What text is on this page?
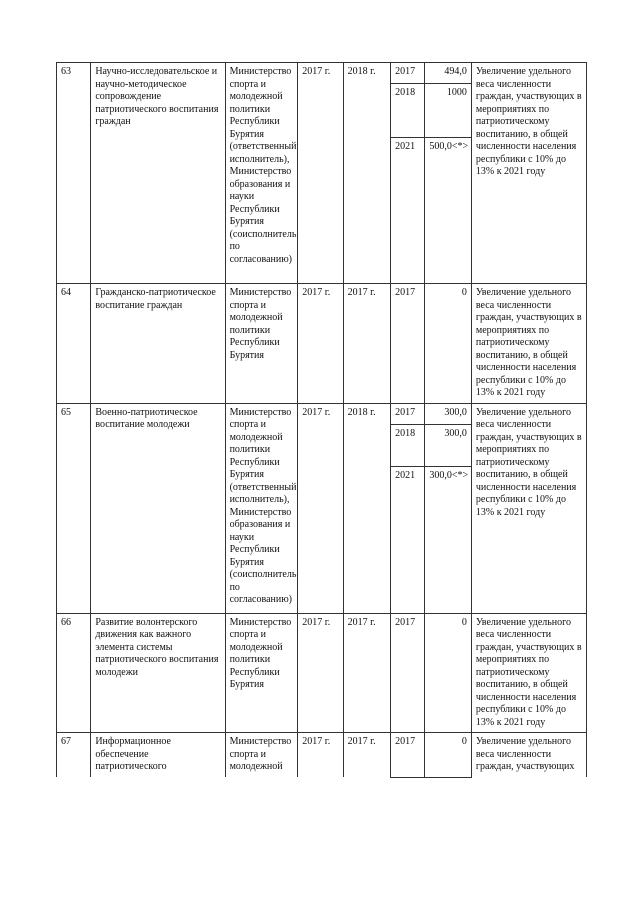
63	Научно-исследовательское и научно-методическое сопровождение патриотического воспитания граждан	Министерство спорта и молодежной политики Республики Бурятия (ответственный исполнитель), Министерство образования и науки Республики Бурятия (соисполнитель по согласованию)	2017 г.	2018 г.	2017	494,0	Увеличение удельного веса численности граждан, участвующих в мероприятиях по патриотическому воспитанию, в общей численности населения республики с 10% до 13% к 2021 году
					2018	1000	
					2021	500,0<*>	
64	Гражданско-патриотическое воспитание граждан	Министерство спорта и молодежной политики Республики Бурятия	2017 г.	2017 г.	2017	0	Увеличение удельного веса численности граждан, участвующих в мероприятиях по патриотическому воспитанию, в общей численности населения республики с 10% до 13% к 2021 году
65	Военно-патриотическое воспитание молодежи	Министерство спорта и молодежной политики Республики Бурятия (ответственный исполнитель), Министерство образования и науки Республики Бурятия (соисполнитель по согласованию)	2017 г.	2018 г.	2017	300,0	Увеличение удельного веса численности граждан, участвующих в мероприятиях по патриотическому воспитанию, в общей численности населения республики с 10% до 13% к 2021 году
					2018	300,0	
					2021	300,0<*>	
66	Развитие волонтерского движения как важного элемента системы патриотического воспитания молодежи	Министерство спорта и молодежной политики Республики Бурятия	2017 г.	2017 г.	2017	0	Увеличение удельного веса численности граждан, участвующих в мероприятиях по патриотическому воспитанию, в общей численности населения республики с 10% до 13% к 2021 году
67	Информационное обеспечение патриотического	Министерство спорта и молодежной	2017 г.	2017 г.	2017	0	Увеличение удельного веса численности граждан, участвующих
